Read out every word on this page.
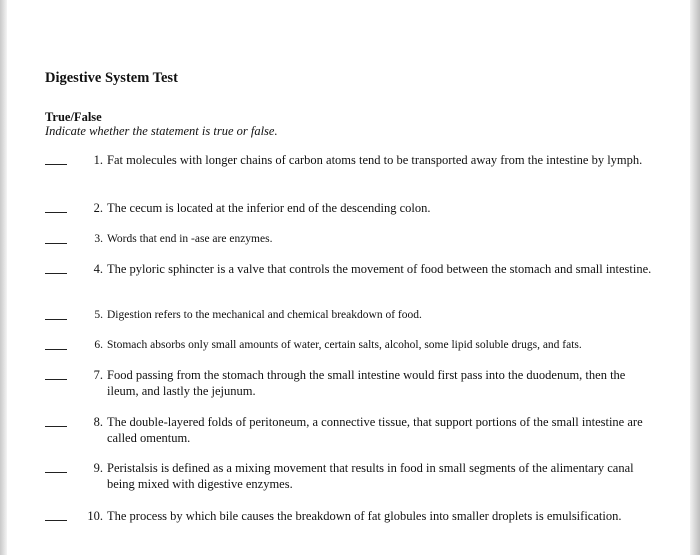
Digestive System Test
True/False
Indicate whether the statement is true or false.
1. Fat molecules with longer chains of carbon atoms tend to be transported away from the intestine by lymph.
2. The cecum is located at the inferior end of the descending colon.
3. Words that end in -ase are enzymes.
4. The pyloric sphincter is a valve that controls the movement of food between the stomach and small intestine.
5. Digestion refers to the mechanical and chemical breakdown of food.
6. Stomach absorbs only small amounts of water, certain salts, alcohol, some lipid soluble drugs, and fats.
7. Food passing from the stomach through the small intestine would first pass into the duodenum, then the ileum, and lastly the jejunum.
8. The double-layered folds of peritoneum, a connective tissue, that support portions of the small intestine are called omentum.
9. Peristalsis is defined as a mixing movement that results in food in small segments of the alimentary canal being mixed with digestive enzymes.
10. The process by which bile causes the breakdown of fat globules into smaller droplets is emulsification.
